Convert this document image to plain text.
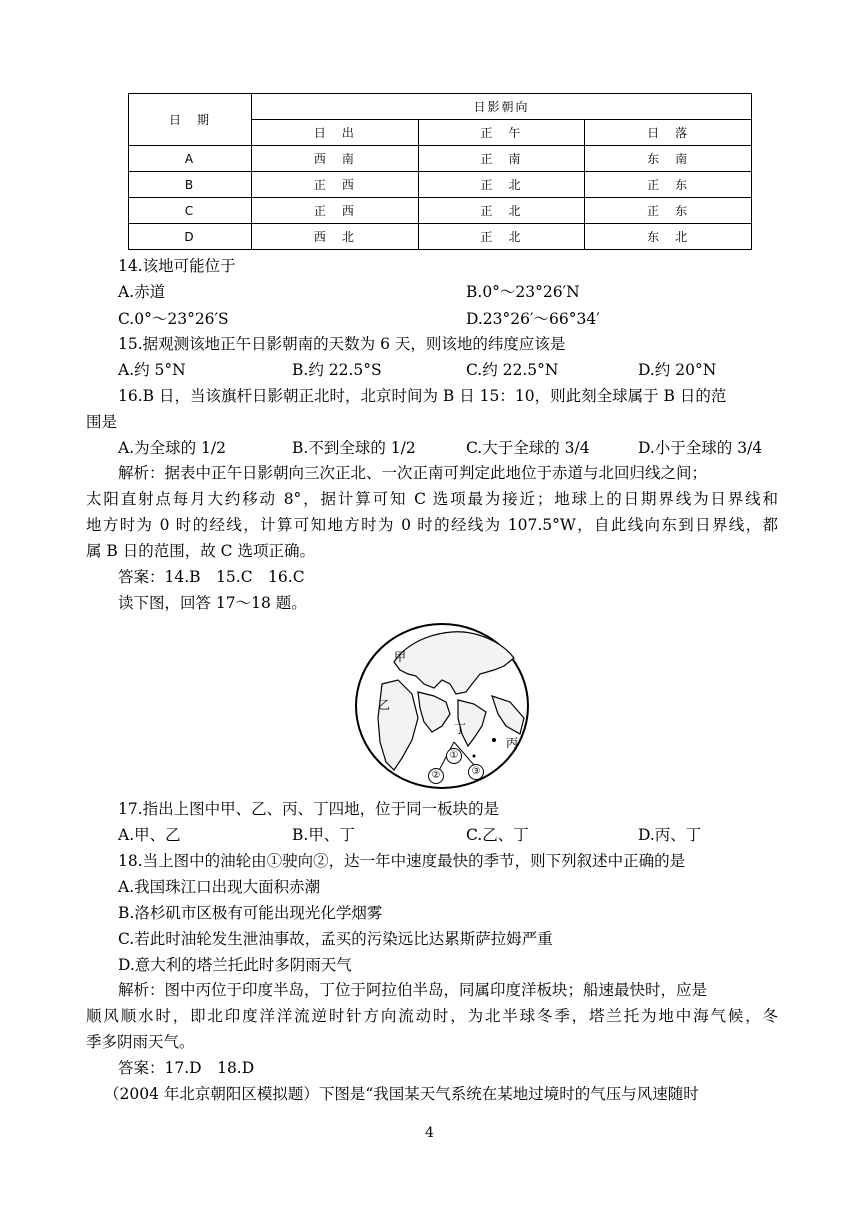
日　期	日影朝向		
	日　出	正　午	日　落
A	西　南	正　南	东　南
B	正　西	正　北	正　东
C	正　西	正　北	正　东
D	西　北	正　北	东　北
14.该地可能位于
A.赤道	B.0°～23°26′N
C.0°～23°26′S	D.23°26′～66°34′
15.据观测该地正午日影朝南的天数为 6 天，则该地的纬度应该是
A.约 5°N	B.约 22.5°S	C.约 22.5°N	D.约 20°N
16.B 日，当该旗杆日影朝正北时，北京时间为 B 日 15：10，则此刻全球属于 B 日的范
围是
A.为全球的 1/2	B.不到全球的 1/2	C.大于全球的 3/4	D.小于全球的 3/4
解析：据表中正午日影朝向三次正北、一次正南可判定此地位于赤道与北回归线之间；
太阳直射点每月大约移动 8°，据计算可知 C 选项最为接近；地球上的日期界线为日界线和
地方时为 0 时的经线，计算可知地方时为 0 时的经线为 107.5°W，自此线向东到日界线，都
属 B 日的范围，故 C 选项正确。
答案：14.B　15.C　16.C
读下图，回答 17～18 题。
甲
乙
丁
丙
①
②	③
17.指出上图中甲、乙、丙、丁四地，位于同一板块的是
A.甲、乙	B.甲、丁	C.乙、丁	D.丙、丁
18.当上图中的油轮由①驶向②，达一年中速度最快的季节，则下列叙述中正确的是
A.我国珠江口出现大面积赤潮
B.洛杉矶市区极有可能出现光化学烟雾
C.若此时油轮发生泄油事故，孟买的污染远比达累斯萨拉姆严重
D.意大利的塔兰托此时多阴雨天气
解析：图中丙位于印度半岛，丁位于阿拉伯半岛，同属印度洋板块；船速最快时，应是
顺风顺水时，即北印度洋洋流逆时针方向流动时，为北半球冬季，塔兰托为地中海气候，冬
季多阴雨天气。
答案：17.D　18.D
（2004 年北京朝阳区模拟题）下图是“我国某天气系统在某地过境时的气压与风速随时
4
